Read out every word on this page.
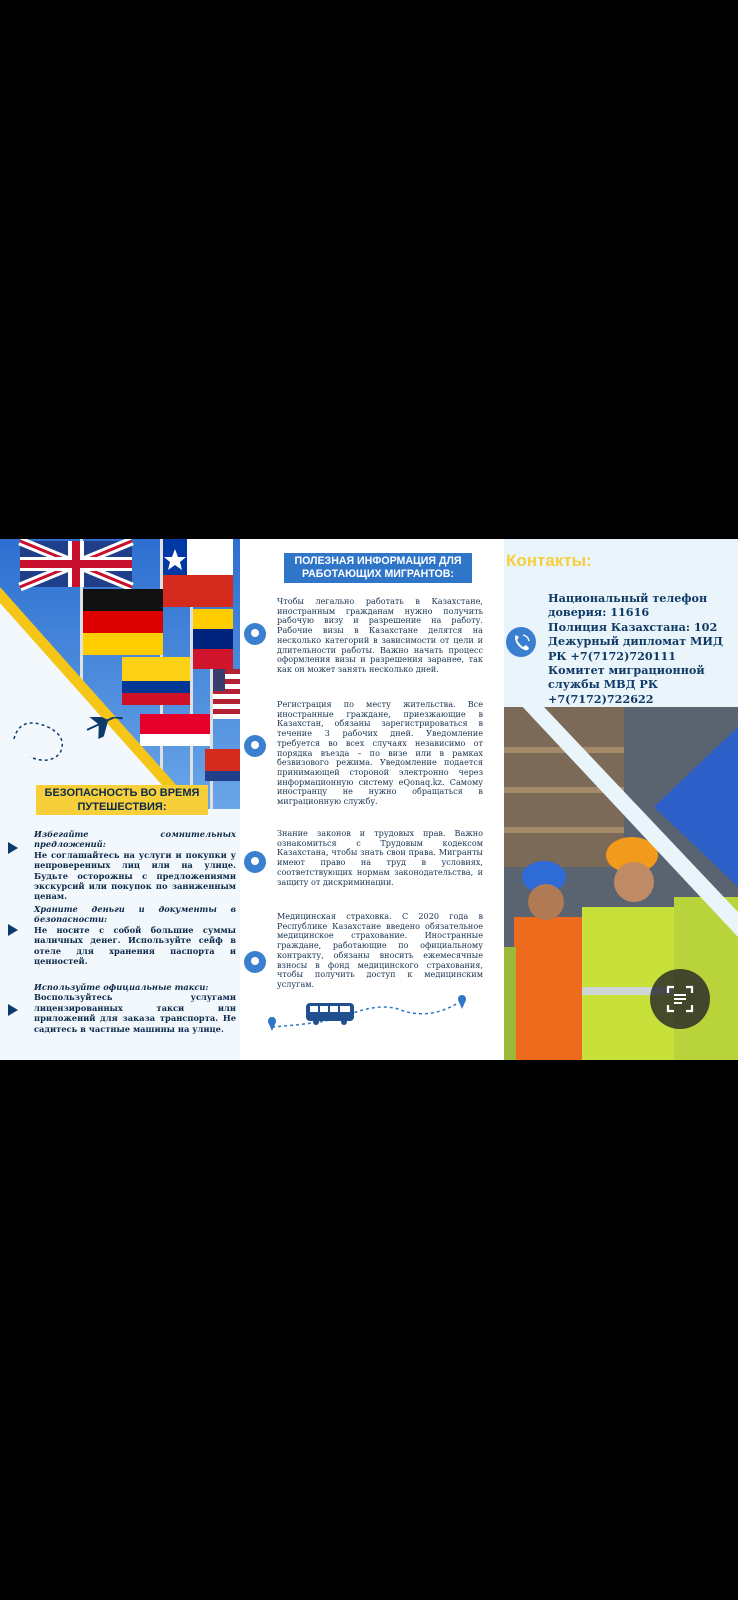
БЕЗОПАСНОСТЬ ВО ВРЕМЯ ПУТЕШЕСТВИЯ:
Избегайте сомнительных предложений:
Не соглашайтесь на услуги и покупки у непроверенных лиц или на улице. Будьте осторожны с предложениями экскурсий или покупок по заниженным ценам.
Храните деньги и документы в безопасности:
Не носите с собой большие суммы наличных денег. Используйте сейф в отеле для хранения паспорта и ценностей.
Используйте официальные такси:
Воспользуйтесь услугами лицензированных такси или приложений для заказа транспорта. Не садитесь в частные машины на улице.
ПОЛЕЗНАЯ ИНФОРМАЦИЯ ДЛЯ РАБОТАЮЩИХ МИГРАНТОВ:
Чтобы легально работать в Казахстане, иностранным гражданам нужно получить рабочую визу и разрешение на работу. Рабочие визы в Казахстане делятся на несколько категорий в зависимости от цели и длительности работы. Важно начать процесс оформления визы и разрешения заранее, так как он может занять несколько дней.
Регистрация по месту жительства. Все иностранные граждане, приезжающие в Казахстан, обязаны зарегистрироваться в течение 3 рабочих дней. Уведомление требуется во всех случаях независимо от порядка въезда – по визе или в рамках безвизового режима. Уведомление подается принимающей стороной электронно через информационную систему eQonaq.kz. Самому иностранцу не нужно обращаться в миграционную службу.
Знание законов и трудовых прав. Важно ознакомиться с Трудовым кодексом Казахстана, чтобы знать свои права. Мигранты имеют право на труд в условиях, соответствующих нормам законодательства, и защиту от дискриминации.
Медицинская страховка. С 2020 года в Республике Казахстане введено обязательное медицинское страхование. Иностранные граждане, работающие по официальному контракту, обязаны вносить ежемесячные взносы в фонд медицинского страхования, чтобы получить доступ к медицинским услугам.
Контакты:
Национальный телефон доверия: 11616
Полиция Казахстана: 102
Дежурный дипломат МИД РК +7(7172)720111
Комитет миграционной службы МВД РК +7(7172)722622
